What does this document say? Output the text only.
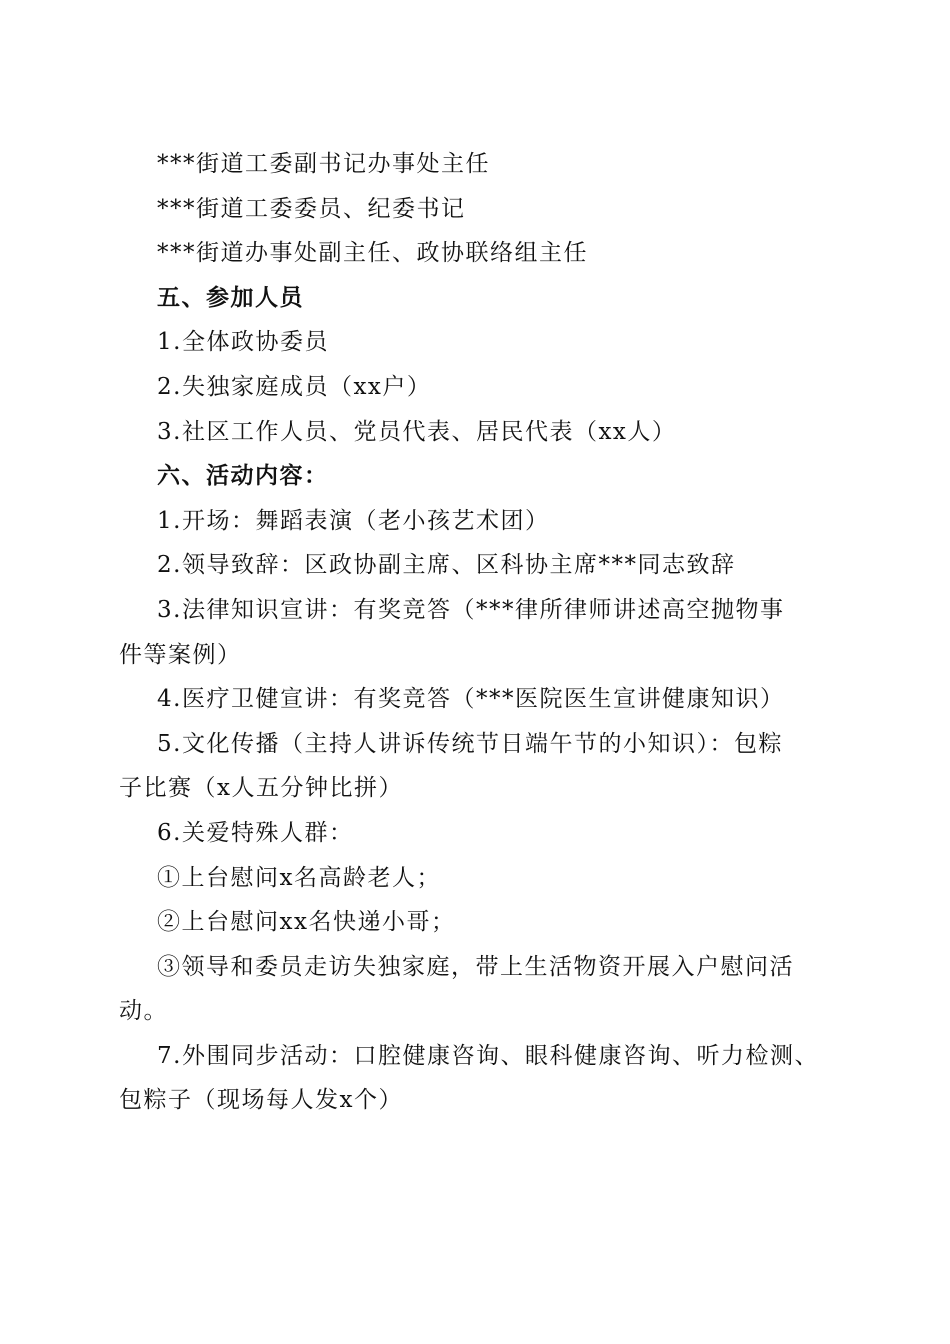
***街道工委副书记办事处主任
***街道工委委员、纪委书记
***街道办事处副主任、政协联络组主任
五、参加人员
1.全体政协委员
2.失独家庭成员（xx户）
3.社区工作人员、党员代表、居民代表（xx人）
六、活动内容：
1.开场：舞蹈表演（老小孩艺术团）
2.领导致辞：区政协副主席、区科协主席***同志致辞
3.法律知识宣讲：有奖竞答（***律所律师讲述高空抛物事
件等案例）
4.医疗卫健宣讲：有奖竞答（***医院医生宣讲健康知识）
5.文化传播（主持人讲诉传统节日端午节的小知识）：包粽
子比赛（x人五分钟比拼）
6.关爱特殊人群：
①上台慰问x名高龄老人；
②上台慰问xx名快递小哥；
③领导和委员走访失独家庭，带上生活物资开展入户慰问活
动。
7.外围同步活动：口腔健康咨询、眼科健康咨询、听力检测、
包粽子（现场每人发x个）
